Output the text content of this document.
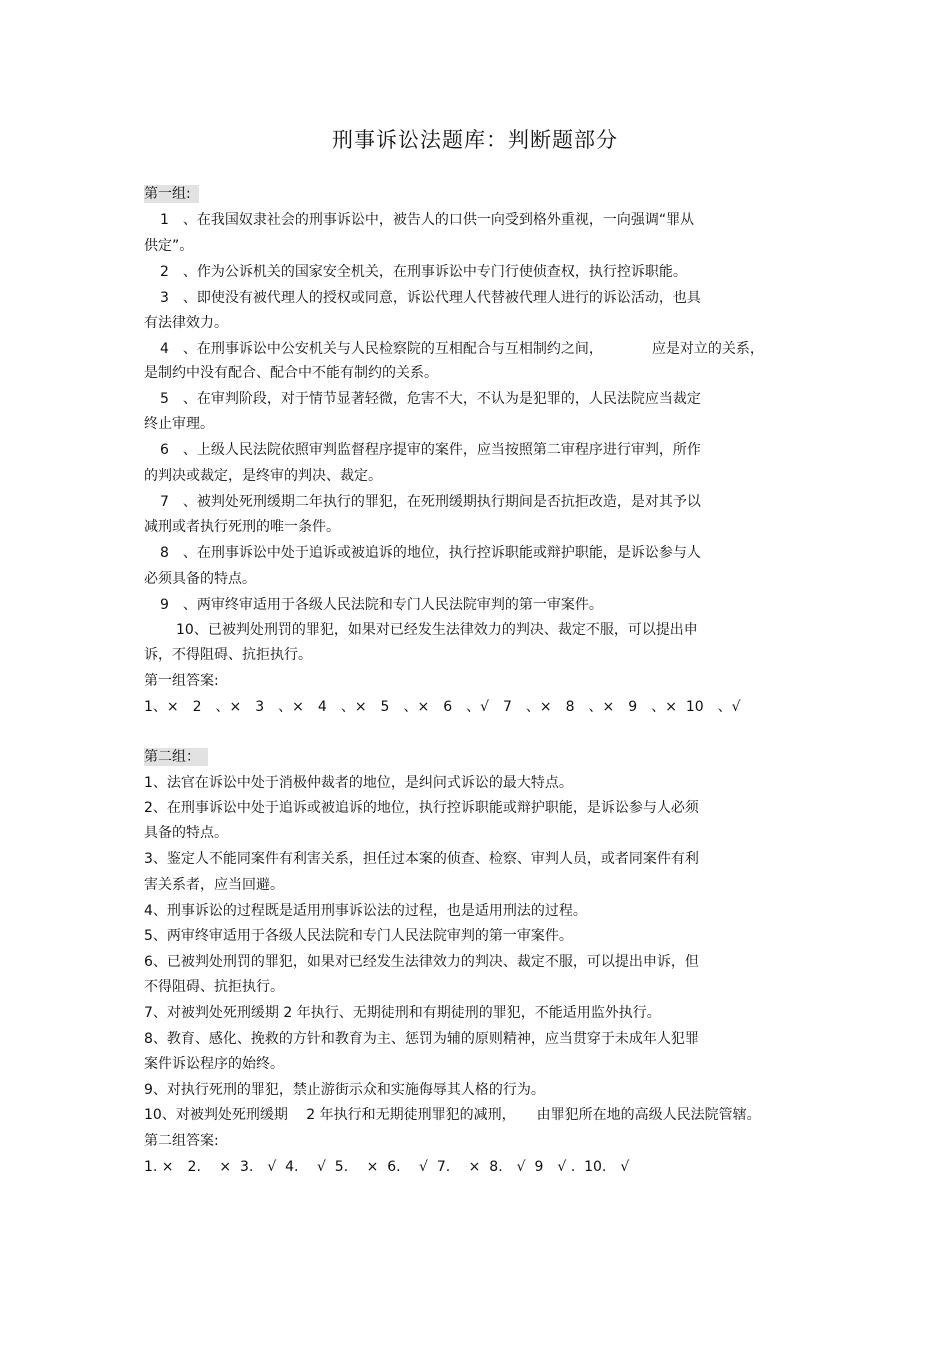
刑事诉讼法题库：判断题部分
第一组:
1　、在我国奴隶社会的刑事诉讼中，被告人的口供一向受到格外重视，一向强调“罪从
供定”。
2　、作为公诉机关的国家安全机关，在刑事诉讼中专门行使侦查权，执行控诉职能。
3　、即使没有被代理人的授权或同意，诉讼代理人代替被代理人进行的诉讼活动，也具
有法律效力。
4　、在刑事诉讼中公安机关与人民检察院的互相配合与互相制约之间，　　　　应是对立的关系，
是制约中没有配合、配合中不能有制约的关系。
5　、在审判阶段，对于情节显著轻微，危害不大，不认为是犯罪的，人民法院应当裁定
终止审理。
6　、上级人民法院依照审判监督程序提审的案件，应当按照第二审程序进行审判，所作
的判决或裁定，是终审的判决、裁定。
7　、被判处死刑缓期二年执行的罪犯，在死刑缓期执行期间是否抗拒改造，是对其予以
减刑或者执行死刑的唯一条件。
8　、在刑事诉讼中处于追诉或被追诉的地位，执行控诉职能或辩护职能，是诉讼参与人
必须具备的特点。
9　、两审终审适用于各级人民法院和专门人民法院审判的第一审案件。
10、已被判处刑罚的罪犯，如果对已经发生法律效力的判决、裁定不服，可以提出申
诉，不得阻碍、抗拒执行。
第一组答案:
1、×　2　、×　3　、×　4　、×　5　、×　6　、√　7　、×　8　、×　9　、×  10　、√
第二组：
1、法官在诉讼中处于消极仲裁者的地位，是纠问式诉讼的最大特点。
2、在刑事诉讼中处于追诉或被追诉的地位，执行控诉职能或辩护职能，是诉讼参与人必须
具备的特点。
3、鉴定人不能同案件有利害关系，担任过本案的侦查、检察、审判人员，或者同案件有利
害关系者，应当回避。
4、刑事诉讼的过程既是适用刑事诉讼法的过程，也是适用刑法的过程。
5、两审终审适用于各级人民法院和专门人民法院审判的第一审案件。
6、已被判处刑罚的罪犯，如果对已经发生法律效力的判决、裁定不服，可以提出申诉，但
不得阻碍、抗拒执行。
7、对被判处死刑缓期 2 年执行、无期徒刑和有期徒刑的罪犯，不能适用监外执行。
8、教育、感化、挽救的方针和教育为主、惩罚为辅的原则精神，应当贯穿于未成年人犯罪
案件诉讼程序的始终。
9、对执行死刑的罪犯，禁止游街示众和实施侮辱其人格的行为。
10、对被判处死刑缓期　 2 年执行和无期徒刑罪犯的减刑，　　由罪犯所在地的高级人民法院管辖。
第二组答案:
1. ×　2.　 ×  3.　√  4.　 √  5.　 ×  6.　 √  7.　 ×  8.　√  9　√ .  10.　√
